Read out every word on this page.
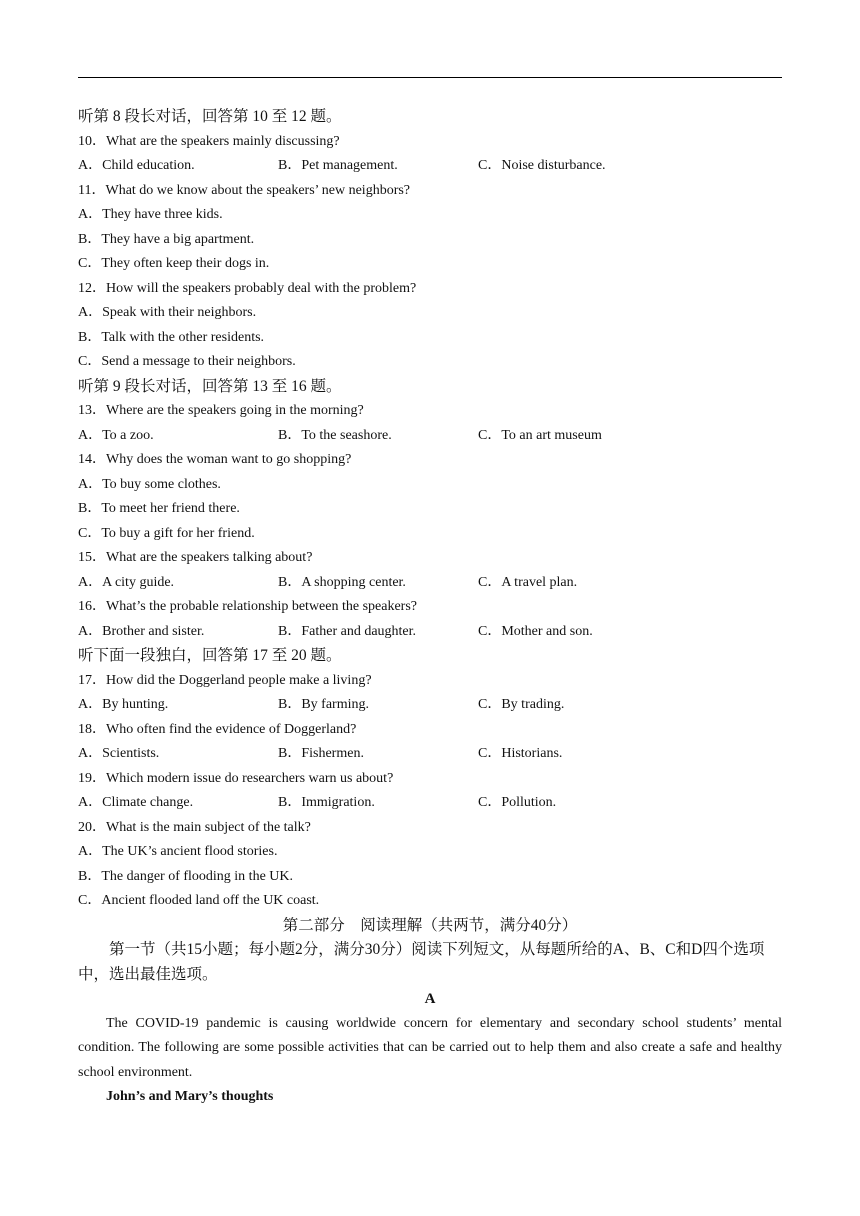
听第 8 段长对话，回答第 10 至 12 题。
10．What are the speakers mainly discussing?
A．Child education.	B．Pet management.	C．Noise disturbance.
11．What do we know about the speakers’ new neighbors?
A．They have three kids.
B．They have a big apartment.
C．They often keep their dogs in.
12．How will the speakers probably deal with the problem?
A．Speak with their neighbors.
B．Talk with the other residents.
C．Send a message to their neighbors.
听第 9 段长对话，回答第 13 至 16 题。
13．Where are the speakers going in the morning?
A．To a zoo.	B．To the seashore.	C．To an art museum
14．Why does the woman want to go shopping?
A．To buy some clothes.
B．To meet her friend there.
C．To buy a gift for her friend.
15．What are the speakers talking about?
A．A city guide.	B．A shopping center.	C．A travel plan.
16．What’s the probable relationship between the speakers?
A．Brother and sister.	B．Father and daughter.	C．Mother and son.
听下面一段独白，回答第 17 至 20 题。
17．How did the Doggerland people make a living?
A．By hunting.	B．By farming.	C．By trading.
18．Who often find the evidence of Doggerland?
A．Scientists.	B．Fishermen.	C．Historians.
19．Which modern issue do researchers warn us about?
A．Climate change.	B．Immigration.	C．Pollution.
20．What is the main subject of the talk?
A．The UK’s ancient flood stories.
B．The danger of flooding in the UK.
C．Ancient flooded land off the UK coast.
第二部分　阅读理解（共两节，满分40分）
第一节（共15小题；每小题2分，满分30分）阅读下列短文，从每题所给的A、B、C和D四个选项中，选出最佳选项。
A
The COVID-19 pandemic is causing worldwide concern for elementary and secondary school students’ mental condition. The following are some possible activities that can be carried out to help them and also create a safe and healthy school environment.
John’s and Mary’s thoughts
